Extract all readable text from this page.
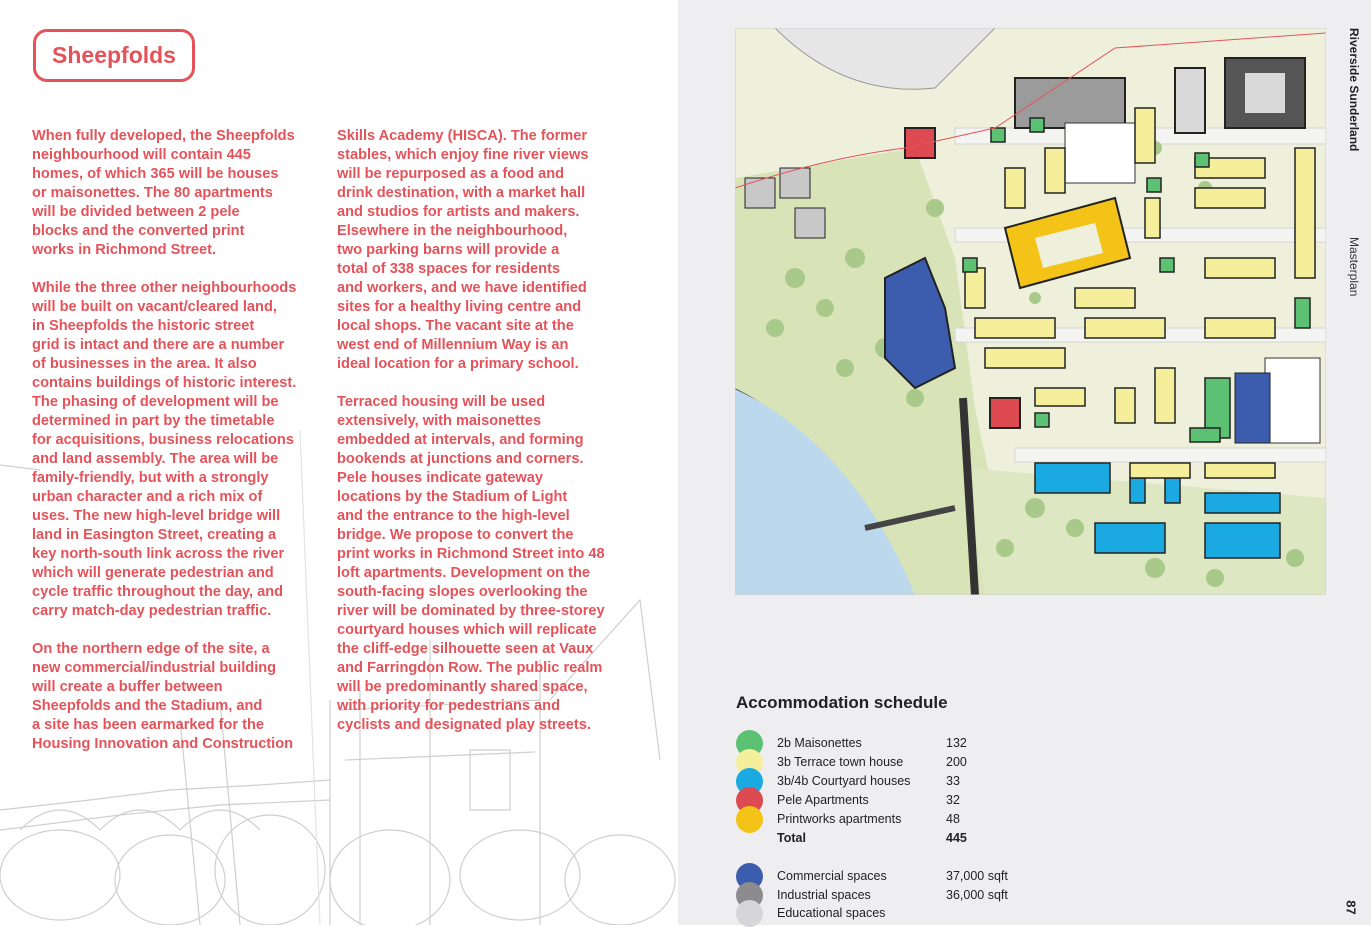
Sheepfolds

When fully developed, the Sheepfolds
neighbourhood will contain 445
homes, of which 365 will be houses
or maisonettes. The 80 apartments
will be divided between 2 pele
blocks and the converted print
works in Richmond Street.

While the three other neighbourhoods
will be built on vacant/cleared land,
in Sheepfolds the historic street
grid is intact and there are a number
of businesses in the area. It also
contains buildings of historic interest.
The phasing of development will be
determined in part by the timetable
for acquisitions, business relocations
and land assembly. The area will be
family-friendly, but with a strongly
urban character and a rich mix of
uses. The new high-level bridge will
land in Easington Street, creating a
key north-south link across the river
which will generate pedestrian and
cycle traffic throughout the day, and
carry match-day pedestrian traffic.

On the northern edge of the site, a
new commercial/industrial building
will create a buffer between
Sheepfolds and the Stadium, and
a site has been earmarked for the
Housing Innovation and Construction

Skills Academy (HISCA). The former
stables, which enjoy fine river views
will be repurposed as a food and
drink destination, with a market hall
and studios for artists and makers.
Elsewhere in the neighbourhood,
two parking barns will provide a
total of 338 spaces for residents
and workers, and we have identified
sites for a healthy living centre and
local shops. The vacant site at the
west end of Millennium Way is an
ideal location for a primary school.

Terraced housing will be used
extensively, with maisonettes
embedded at intervals, and forming
bookends at junctions and corners.
Pele houses indicate gateway
locations by the Stadium of Light
and the entrance to the high-level
bridge. We propose to convert the
print works in Richmond Street into 48
loft apartments. Development on the
south-facing slopes overlooking the
river will be dominated by three-storey
courtyard houses which will replicate
the cliff-edge silhouette seen at Vaux
and Farringdon Row. The public realm
will be predominantly shared space,
with priority for pedestrians and
cyclists and designated play streets.

Riverside Sunderland
Masterplan
87
Accommodation schedule
2b Maisonettes	132
3b Terrace town house	200
3b/4b Courtyard houses	33
Pele Apartments	32
Printworks apartments	48
Total	445
Commercial spaces	37,000 sqft
Industrial spaces	36,000 sqft
Educational spaces
